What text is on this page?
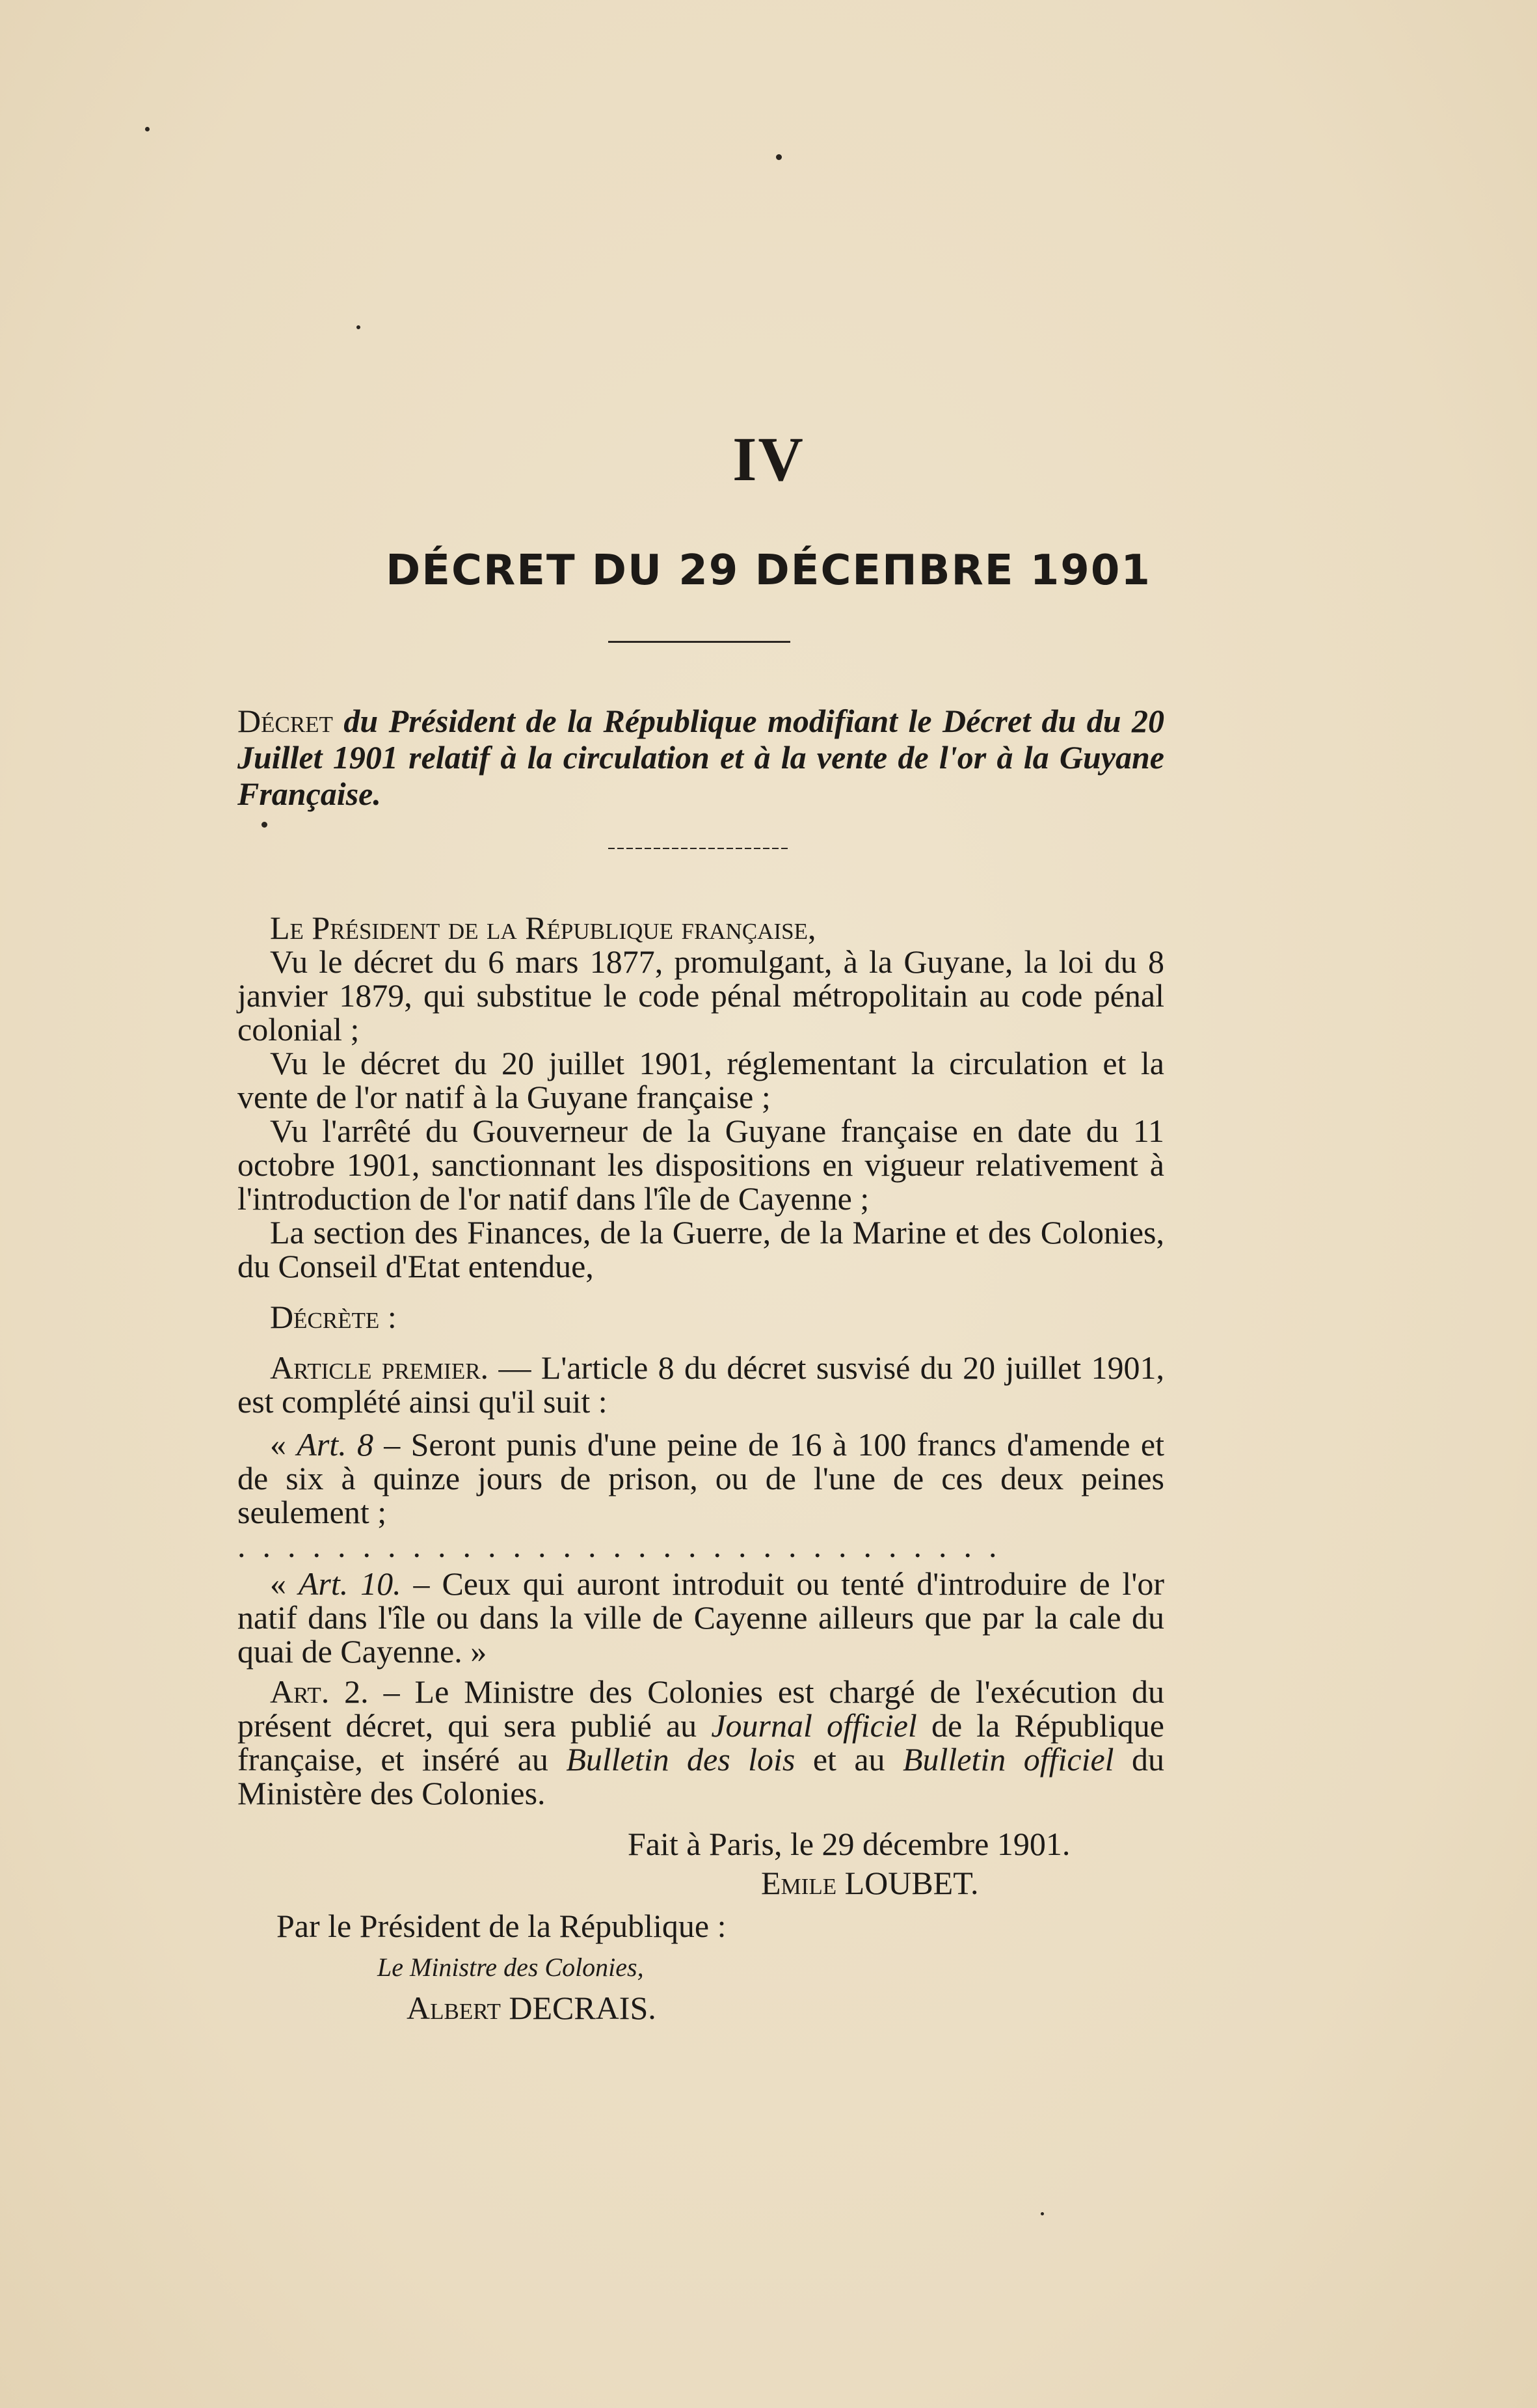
IV
DÉCRET DU 29 DÉCEΠΒRE 1901
Décret du Président de la République modifiant le Décret du du 20 Juillet 1901 relatif à la circulation et à la vente de l'or à la Guyane Française.

Le Président de la République française,

Vu le décret du 6 mars 1877, promulgant, à la Guyane, la loi du 8 janvier 1879, qui substitue le code pénal métropolitain au code pénal colonial ;

Vu le décret du 20 juillet 1901, réglementant la circulation et la vente de l'or natif à la Guyane française ;

Vu l'arrêté du Gouverneur de la Guyane française en date du 11 octobre 1901, sanctionnant les dispositions en vigueur relativement à l'introduction de l'or natif dans l'île de Cayenne ;

La section des Finances, de la Guerre, de la Marine et des Colonies, du Conseil d'Etat entendue,

Décrète :

Article premier. — L'article 8 du décret susvisé du 20 juillet 1901, est complété ainsi qu'il suit :

« Art. 8 – Seront punis d'une peine de 16 à 100 francs d'amende et de six à quinze jours de prison, ou de l'une de ces deux peines seulement ;

...............................

« Art. 10. – Ceux qui auront introduit ou tenté d'introduire de l'or natif dans l'île ou dans la ville de Cayenne ailleurs que par la cale du quai de Cayenne. »

Art. 2. – Le Ministre des Colonies est chargé de l'exécution du présent décret, qui sera publié au Journal officiel de la République française, et inséré au Bulletin des lois et au Bulletin officiel du Ministère des Colonies.

Fait à Paris, le 29 décembre 1901.

Emile LOUBET.

Par le Président de la République :

Le Ministre des Colonies,

Albert DECRAIS.
